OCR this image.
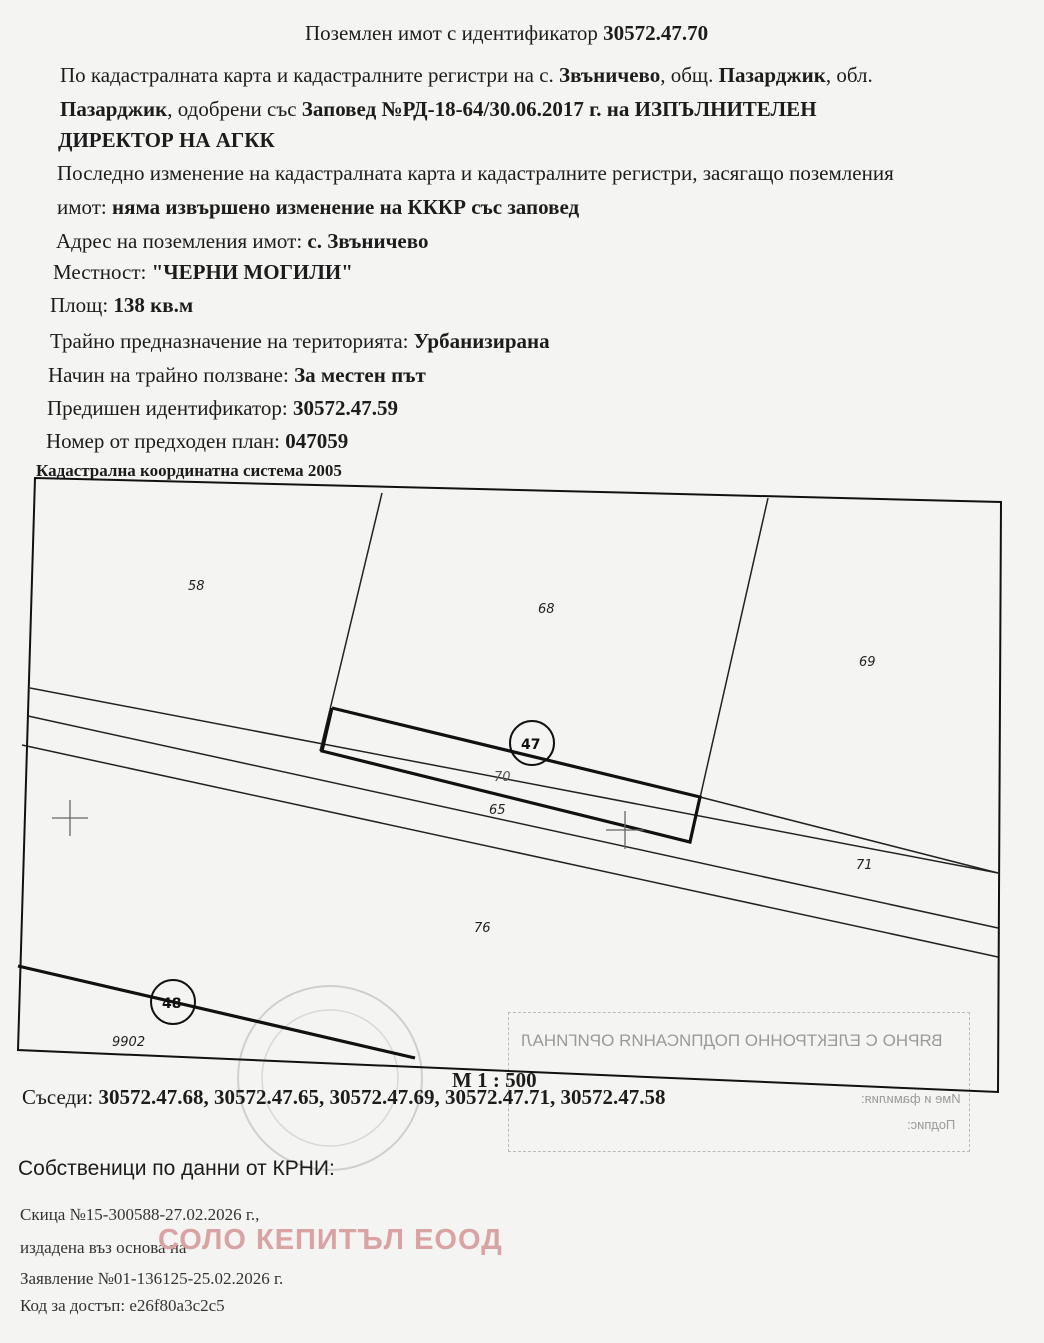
Поземлен имот с идентификатор 30572.47.70
По кадастралната карта и кадастралните регистри на с. Звъничево, общ. Пазарджик, обл.
Пазарджик, одобрени със Заповед №РД-18-64/30.06.2017 г. на ИЗПЪЛНИТЕЛЕН
ДИРЕКТОР НА АГКК
Последно изменение на кадастралната карта и кадастралните регистри, засягащо поземления
имот: няма извършено изменение на КККР със заповед
Адрес на поземления имот: с. Звъничево
Местност: "ЧЕРНИ МОГИЛИ"
Площ: 138 кв.м
Трайно предназначение на територията: Урбанизирана
Начин на трайно ползване: За местен път
Предишен идентификатор: 30572.47.59
Номер от предходен план: 047059
Кадастрална координатна система 2005
ВЯРНО С ЕЛЕКТРОННО ПОДПИСАНИЯ ОРИГИНАЛ
Име и фамилия:
Подпис:
58
68
69
70
65
71
76
9902
47
48
М 1 : 500
Съседи: 30572.47.68, 30572.47.65, 30572.47.69, 30572.47.71, 30572.47.58
Собственици по данни от КРНИ:
Скица №15-300588-27.02.2026 г.,
издадена въз основа на
СОЛО КЕПИТЪЛ ЕООД
Заявление №01-136125-25.02.2026 г.
Код за достъп: e26f80a3c2c5
